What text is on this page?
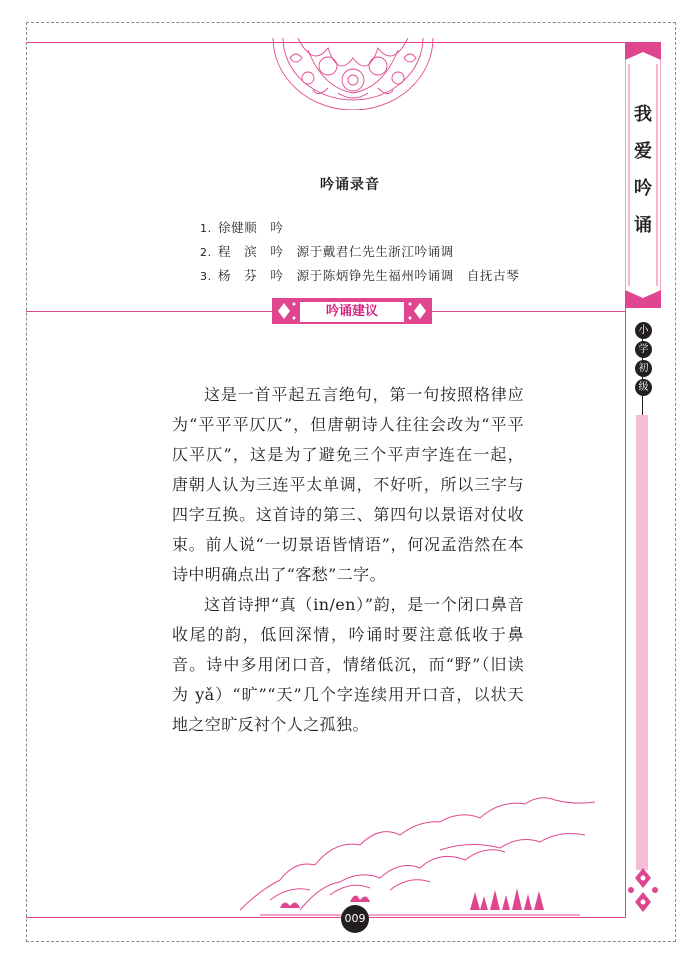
吟诵录音
1. 徐健顺　吟
2. 程　滨　吟　源于戴君仁先生浙江吟诵调
3. 杨　芬　吟　源于陈炳铮先生福州吟诵调　自抚古琴
吟诵建议

这是一首平起五言绝句，第一句按照格律应为“平平平仄仄”，但唐朝诗人往往会改为“平平仄平仄”，这是为了避免三个平声字连在一起，唐朝人认为三连平太单调，不好听，所以三字与四字互换。这首诗的第三、第四句以景语对仗收束。前人说“一切景语皆情语”，何况孟浩然在本诗中明确点出了“客愁”二字。

这首诗押“真（in/en）”韵，是一个闭口鼻音收尾的韵，低回深情，吟诵时要注意低收于鼻音。诗中多用闭口音，情绪低沉，而“野”（旧读为 yǎ）“旷”“天”几个字连续用开口音，以状天地之空旷反衬个人之孤独。

我
爱
吟
诵
小
学
初
级
009
